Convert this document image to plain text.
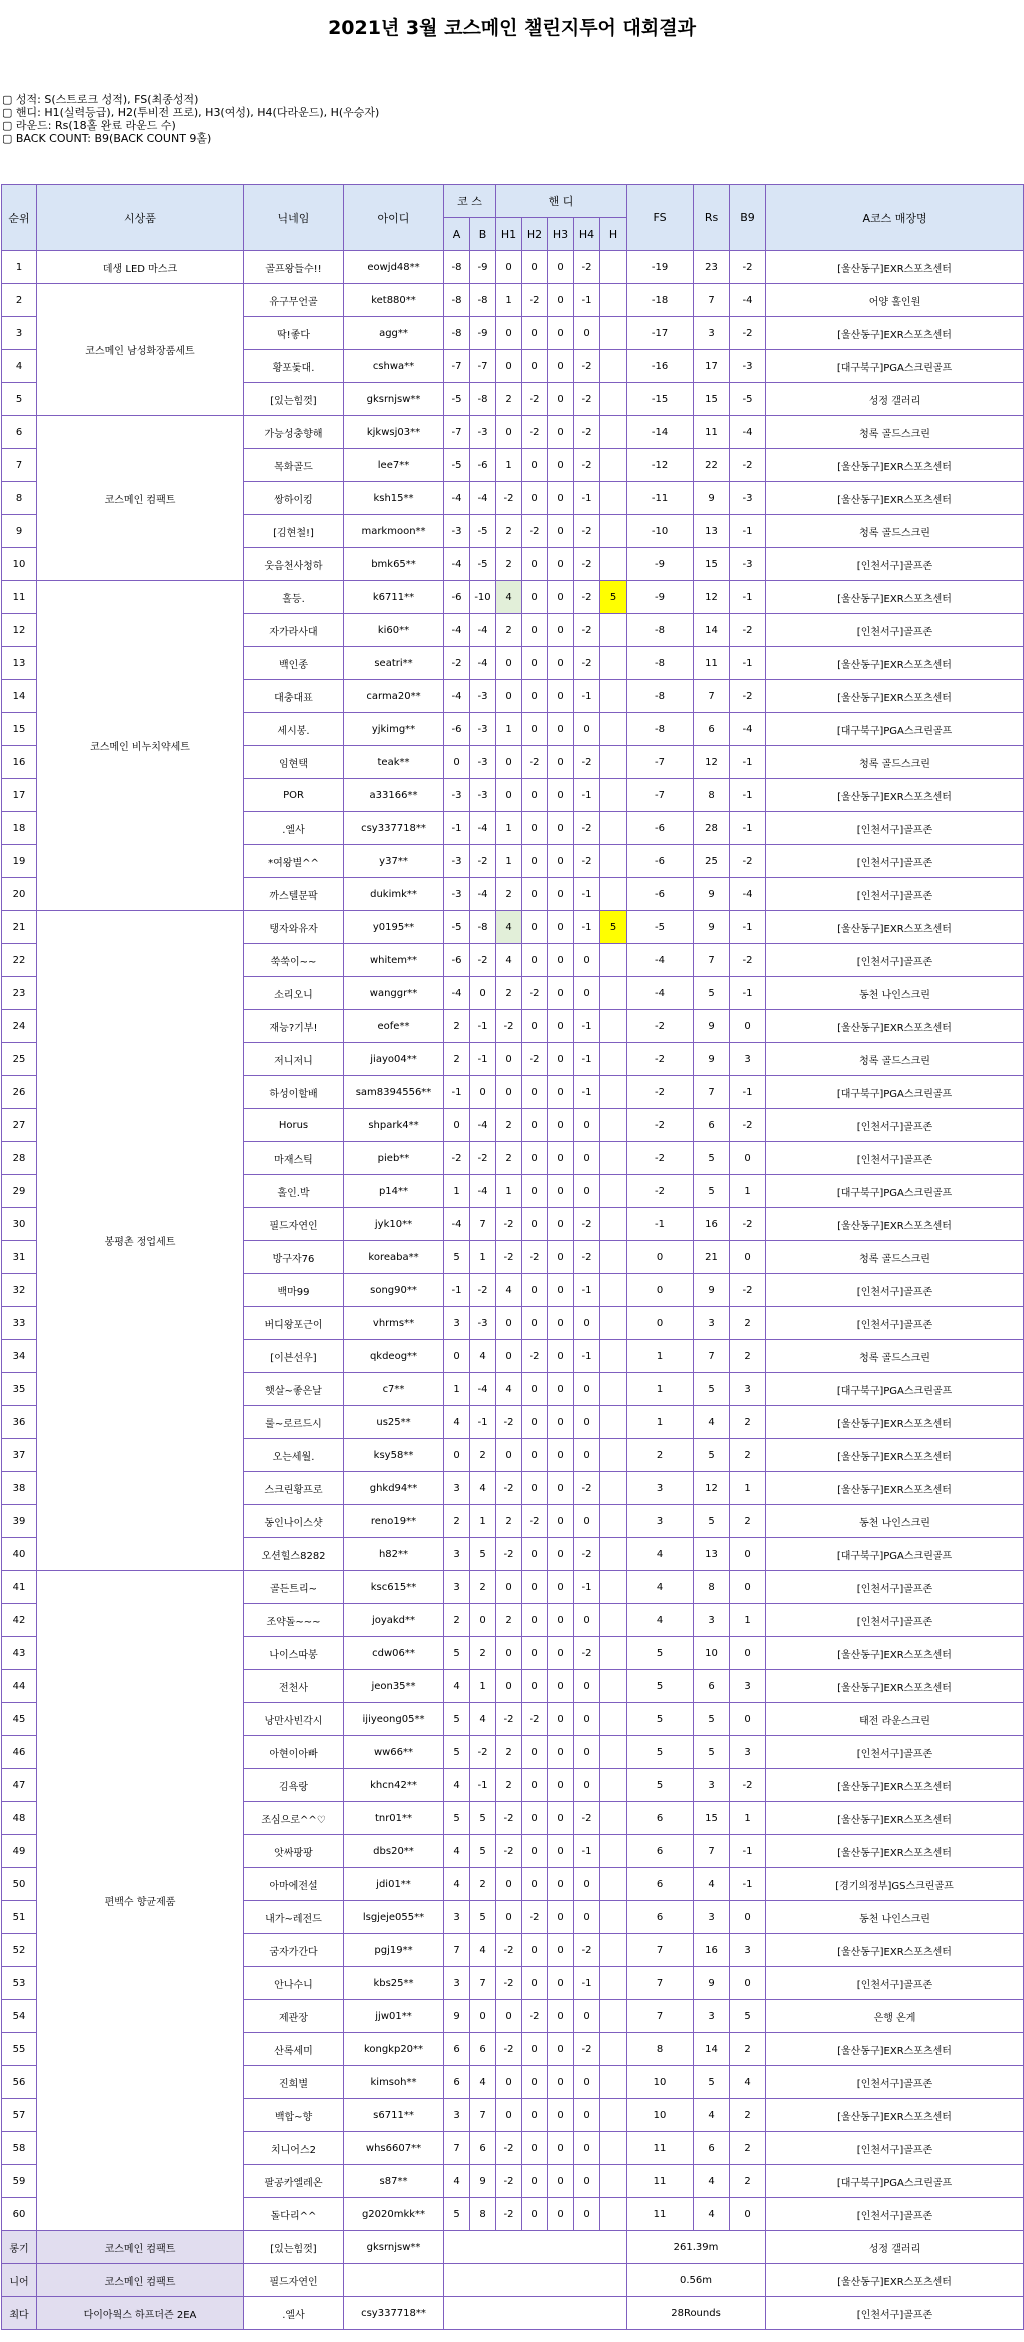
2021년 3월 코스메인 챌린지투어 대회결과
▢ 성적: S(스트로크 성적), FS(최종성적)
▢ 핸디: H1(실력등급), H2(투비전 프로), H3(여성), H4(다라운드), H(우승자)
▢ 라운드: Rs(18홀 완료 라운드 수)
▢ BACK COUNT: B9(BACK COUNT 9홀)
순위	시상품	닉네임	아이디	코 스		핸 디					FS	Rs	B9	A코스 매장명
				A	B	H1	H2	H3	H4	H				
1	데생 LED 마스크	골프왕들수!!	eowjd48**	-8	-9	0	0	0	-2		-19	23	-2	[울산동구]EXR스포츠센터
2	코스메인 남성화장품세트	유구무언골	ket880**	-8	-8	1	-2	0	-1		-18	7	-4	어양 홀인원
3		딱!좋다	agg**	-8	-9	0	0	0	0		-17	3	-2	[울산동구]EXR스포츠센터
4		황포돛대.	cshwa**	-7	-7	0	0	0	-2		-16	17	-3	[대구북구]PGA스크린골프
5		[있는힘껏]	gksrnjsw**	-5	-8	2	-2	0	-2		-15	15	-5	성정 갤러리
6	코스메인 컴팩트	가능성충향해	kjkwsj03**	-7	-3	0	-2	0	-2		-14	11	-4	청록 골드스크린
7		목화골드	lee7**	-5	-6	1	0	0	-2		-12	22	-2	[울산동구]EXR스포츠센터
8		쌍하이킹	ksh15**	-4	-4	-2	0	0	-1		-11	9	-3	[울산동구]EXR스포츠센터
9		[김현철!]	markmoon**	-3	-5	2	-2	0	-2		-10	13	-1	청록 골드스크린
10		웃음천사청하	bmk65**	-4	-5	2	0	0	-2		-9	15	-3	[인천서구]골프존
11	코스메인 비누치약세트	홀등.	k6711**	-6	-10	4	0	0	-2	5	-9	12	-1	[울산동구]EXR스포츠센터
12		자가라사대	ki60**	-4	-4	2	0	0	-2		-8	14	-2	[인천서구]골프존
13		백인종	seatri**	-2	-4	0	0	0	-2		-8	11	-1	[울산동구]EXR스포츠센터
14		대충대표	carma20**	-4	-3	0	0	0	-1		-8	7	-2	[울산동구]EXR스포츠센터
15		세시봉.	yjkimg**	-6	-3	1	0	0	0		-8	6	-4	[대구북구]PGA스크린골프
16		임현택	teak**	0	-3	0	-2	0	-2		-7	12	-1	청록 골드스크린
17		POR	a33166**	-3	-3	0	0	0	-1		-7	8	-1	[울산동구]EXR스포츠센터
18		.엘사	csy337718**	-1	-4	1	0	0	-2		-6	28	-1	[인천서구]골프존
19		*여왕별^^	y37**	-3	-2	1	0	0	-2		-6	25	-2	[인천서구]골프존
20		까스텔문팍	dukimk**	-3	-4	2	0	0	-1		-6	9	-4	[인천서구]골프존
21	봉평촌 정업세트	탱자와유자	y0195**	-5	-8	4	0	0	-1	5	-5	9	-1	[울산동구]EXR스포츠센터
22		쑥쑥이~~	whitem**	-6	-2	4	0	0	0		-4	7	-2	[인천서구]골프존
23		소리오니	wanggr**	-4	0	2	-2	0	0		-4	5	-1	동천 나인스크린
24		재능?기부!	eofe**	2	-1	-2	0	0	-1		-2	9	0	[울산동구]EXR스포츠센터
25		저니저니	jiayo04**	2	-1	0	-2	0	-1		-2	9	3	청록 골드스크린
26		하성이할배	sam8394556**	-1	0	0	0	0	-1		-2	7	-1	[대구북구]PGA스크린골프
27		Horus	shpark4**	0	-4	2	0	0	0		-2	6	-2	[인천서구]골프존
28		마재스틱	pieb**	-2	-2	2	0	0	0		-2	5	0	[인천서구]골프존
29		홀인.박	p14**	1	-4	1	0	0	0		-2	5	1	[대구북구]PGA스크린골프
30		필드자연인	jyk10**	-4	7	-2	0	0	-2		-1	16	-2	[울산동구]EXR스포츠센터
31		방구자76	koreaba**	5	1	-2	-2	0	-2		0	21	0	청록 골드스크린
32		백마99	song90**	-1	-2	4	0	0	-1		0	9	-2	[인천서구]골프존
33		버디왕포근이	vhrms**	3	-3	0	0	0	0		0	3	2	[인천서구]골프존
34		[이븐선우]	qkdeog**	0	4	0	-2	0	-1		1	7	2	청록 골드스크린
35		햇살~좋은날	c7**	1	-4	4	0	0	0		1	5	3	[대구북구]PGA스크린골프
36		룰~로르드시	us25**	4	-1	-2	0	0	0		1	4	2	[울산동구]EXR스포츠센터
37		오는세월.	ksy58**	0	2	0	0	0	0		2	5	2	[울산동구]EXR스포츠센터
38		스크린황프로	ghkd94**	3	4	-2	0	0	-2		3	12	1	[울산동구]EXR스포츠센터
39		동인나이스샷	reno19**	2	1	2	-2	0	0		3	5	2	동천 나인스크린
40		오션힐스8282	h82**	3	5	-2	0	0	-2		4	13	0	[대구북구]PGA스크린골프
41	편백수 향균제품	골든트리~	ksc615**	3	2	0	0	0	-1		4	8	0	[인천서구]골프존
42		조약돌~~~	joyakd**	2	0	2	0	0	0		4	3	1	[인천서구]골프존
43		나이스따봉	cdw06**	5	2	0	0	0	-2		5	10	0	[울산동구]EXR스포츠센터
44		전천사	jeon35**	4	1	0	0	0	0		5	6	3	[울산동구]EXR스포츠센터
45		낭만사빈각시	ijiyeong05**	5	4	-2	-2	0	0		5	5	0	태전 라운스크린
46		아현이아빠	ww66**	5	-2	2	0	0	0		5	5	3	[인천서구]골프존
47		김욕랑	khcn42**	4	-1	2	0	0	0		5	3	-2	[울산동구]EXR스포츠센터
48		조심으로^^♡	tnr01**	5	5	-2	0	0	-2		6	15	1	[울산동구]EXR스포츠센터
49		앗싸팡팡	dbs20**	4	5	-2	0	0	-1		6	7	-1	[울산동구]EXR스포츠센터
50		아마에전설	jdi01**	4	2	0	0	0	0		6	4	-1	[경기의정부]GS스크린골프
51		내가~레전드	lsgjeje055**	3	5	0	-2	0	0		6	3	0	동천 나인스크린
52		굼자가간다	pgj19**	7	4	-2	0	0	-2		7	16	3	[울산동구]EXR스포츠센터
53		안나수니	kbs25**	3	7	-2	0	0	-1		7	9	0	[인천서구]골프존
54		제관장	jjw01**	9	0	0	-2	0	0		7	3	5	은행 온게
55		산록세미	kongkp20**	6	6	-2	0	0	-2		8	14	2	[울산동구]EXR스포츠센터
56		진희별	kimsoh**	6	4	0	0	0	0		10	5	4	[인천서구]골프존
57		백합~향	s6711**	3	7	0	0	0	0		10	4	2	[울산동구]EXR스포츠센터
58		치니어스2	whs6607**	7	6	-2	0	0	0		11	6	2	[인천서구]골프존
59		팔공카엘레온	s87**	4	9	-2	0	0	0		11	4	2	[대구북구]PGA스크린골프
60		돌다리^^	g2020mkk**	5	8	-2	0	0	0		11	4	0	[인천서구]골프존
롱기	코스메인 컴팩트	[있는힘껏]	gksrnjsw**								261.39m			성정 갤러리
니어	코스메인 컴팩트	필드자연인									0.56m			[울산동구]EXR스포츠센터
최다	다이아웍스 하프더즌 2EA	.엘사	csy337718**								28Rounds			[인천서구]골프존
